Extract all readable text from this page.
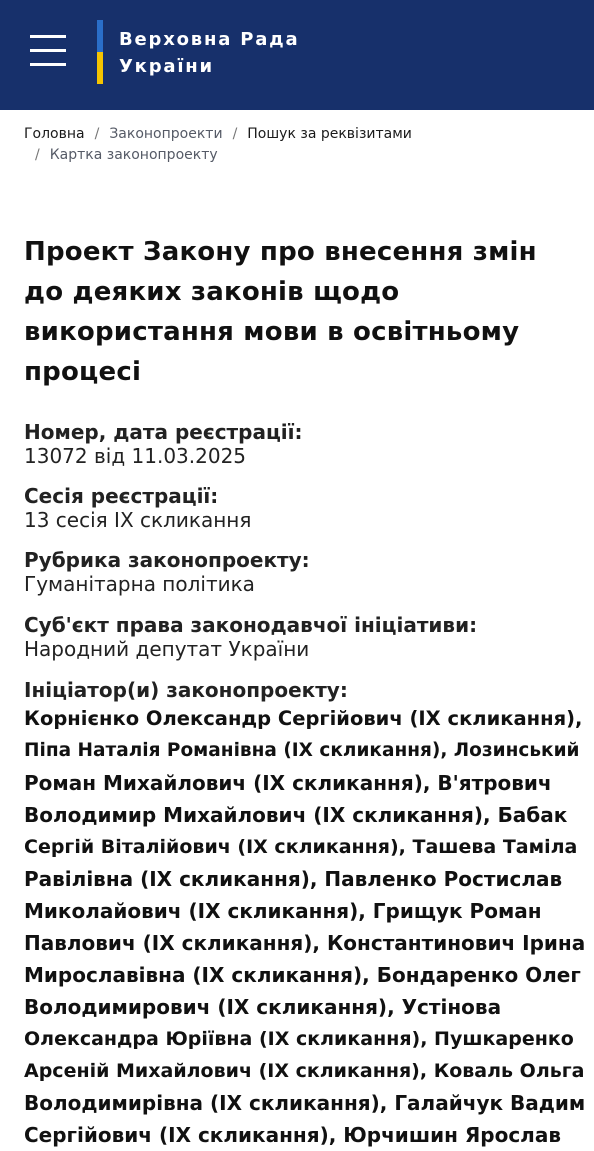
Верховна Рада
України
Головна / Законопроекти / Пошук за реквізитами
/ Картка законопроекту
Проект Закону про внесення змін до деяких законів щодо використання мови в освітньому процесі
Номер, дата реєстрації:
13072 від 11.03.2025
Сесія реєстрації:
13 сесія IX скликання
Рубрика законопроекту:
Гуманітарна політика
Суб'єкт права законодавчої ініціативи:
Народний депутат України
Ініціатор(и) законопроекту:
Корнієнко Олександр Сергійович (IX скликання),
Піпа Наталія Романівна (IX скликання), Лозинський
Роман Михайлович (IX скликання), В'ятрович
Володимир Михайлович (IX скликання), Бабак
Сергій Віталійович (IX скликання), Ташева Таміла
Равілівна (IX скликання), Павленко Ростислав
Миколайович (IX скликання), Грищук Роман
Павлович (IX скликання), Константинович Ірина
Мирославівна (IX скликання), Бондаренко Олег
Володимирович (IX скликання), Устінова
Олександра Юріївна (IX скликання), Пушкаренко
Арсеній Михайлович (IX скликання), Коваль Ольга
Володимирівна (IX скликання), Галайчук Вадим
Сергійович (IX скликання), Юрчишин Ярослав
